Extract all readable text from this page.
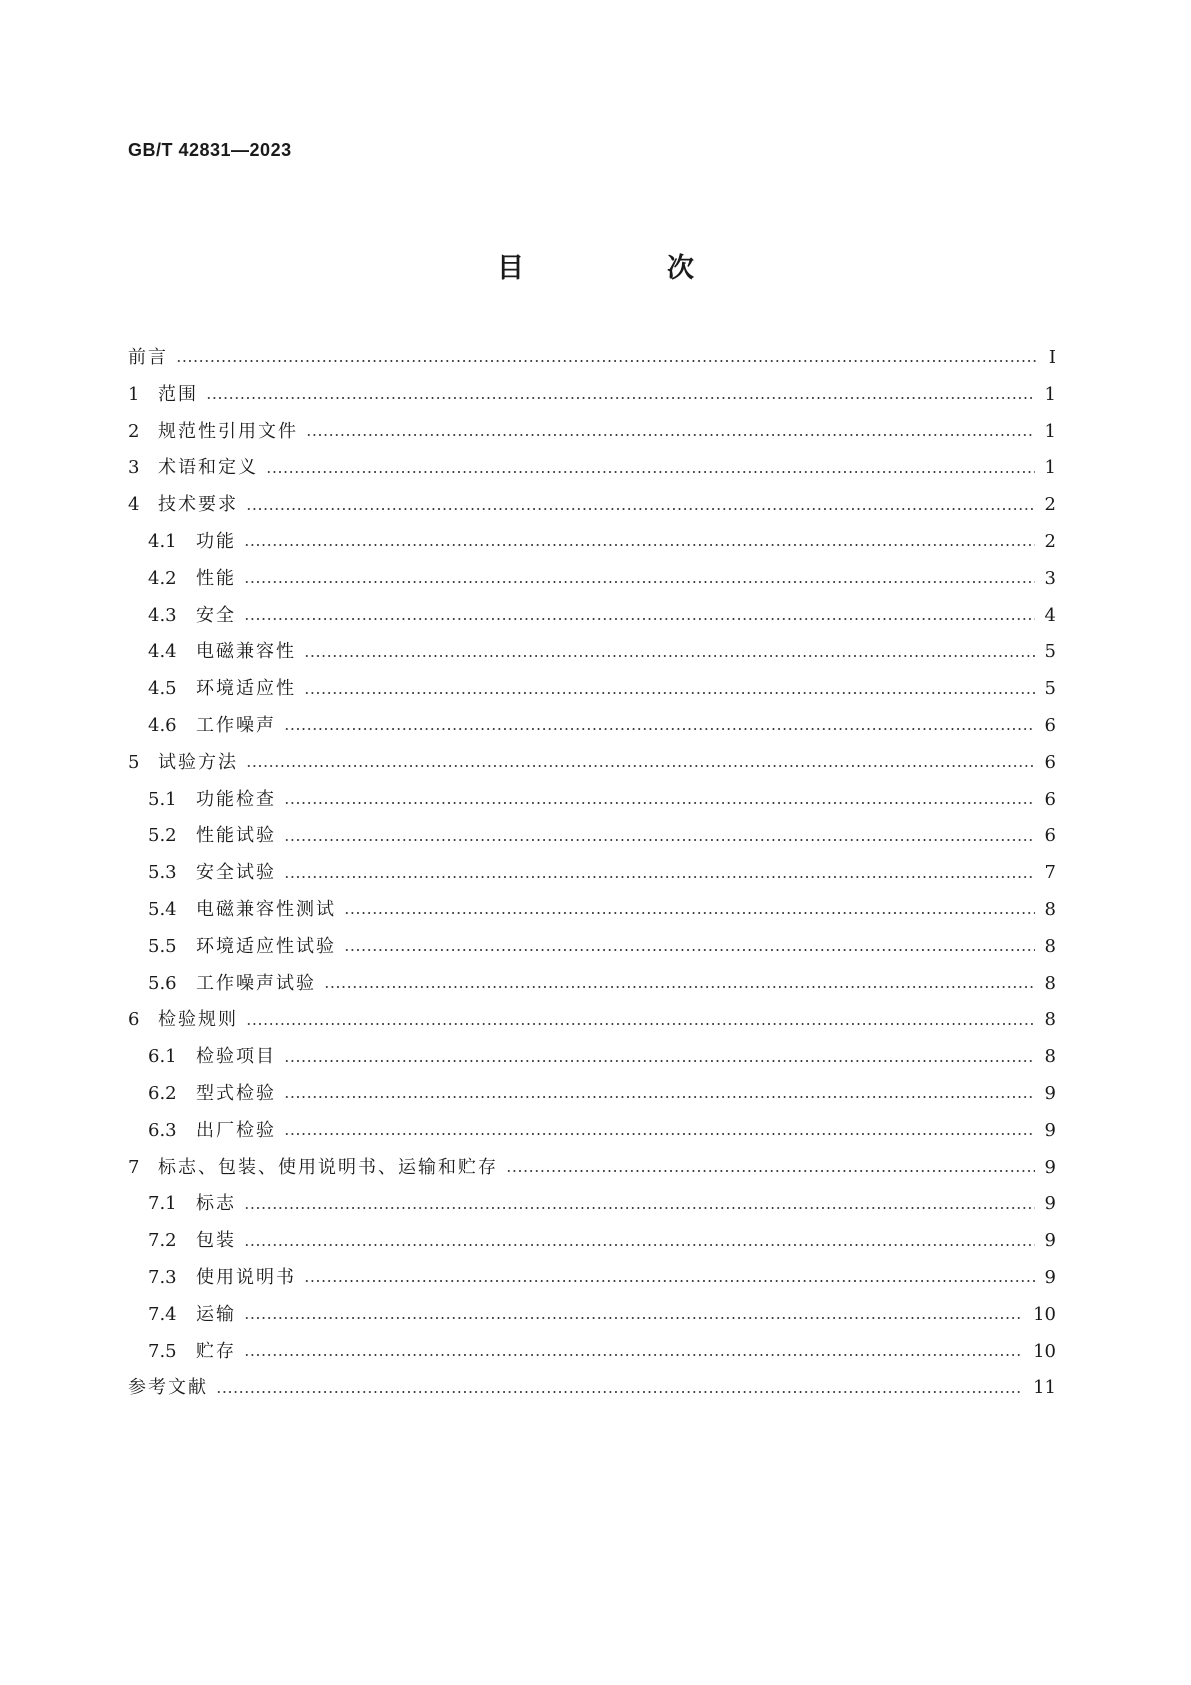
GB/T 42831—2023
目　次
前言	Ⅰ
1	范围	1
2	规范性引用文件	1
3	术语和定义	1
4	技术要求	2
4.1	功能	2
4.2	性能	3
4.3	安全	4
4.4	电磁兼容性	5
4.5	环境适应性	5
4.6	工作噪声	6
5	试验方法	6
5.1	功能检查	6
5.2	性能试验	6
5.3	安全试验	7
5.4	电磁兼容性测试	8
5.5	环境适应性试验	8
5.6	工作噪声试验	8
6	检验规则	8
6.1	检验项目	8
6.2	型式检验	9
6.3	出厂检验	9
7	标志、包装、使用说明书、运输和贮存	9
7.1	标志	9
7.2	包装	9
7.3	使用说明书	9
7.4	运输	10
7.5	贮存	10
参考文献	11
